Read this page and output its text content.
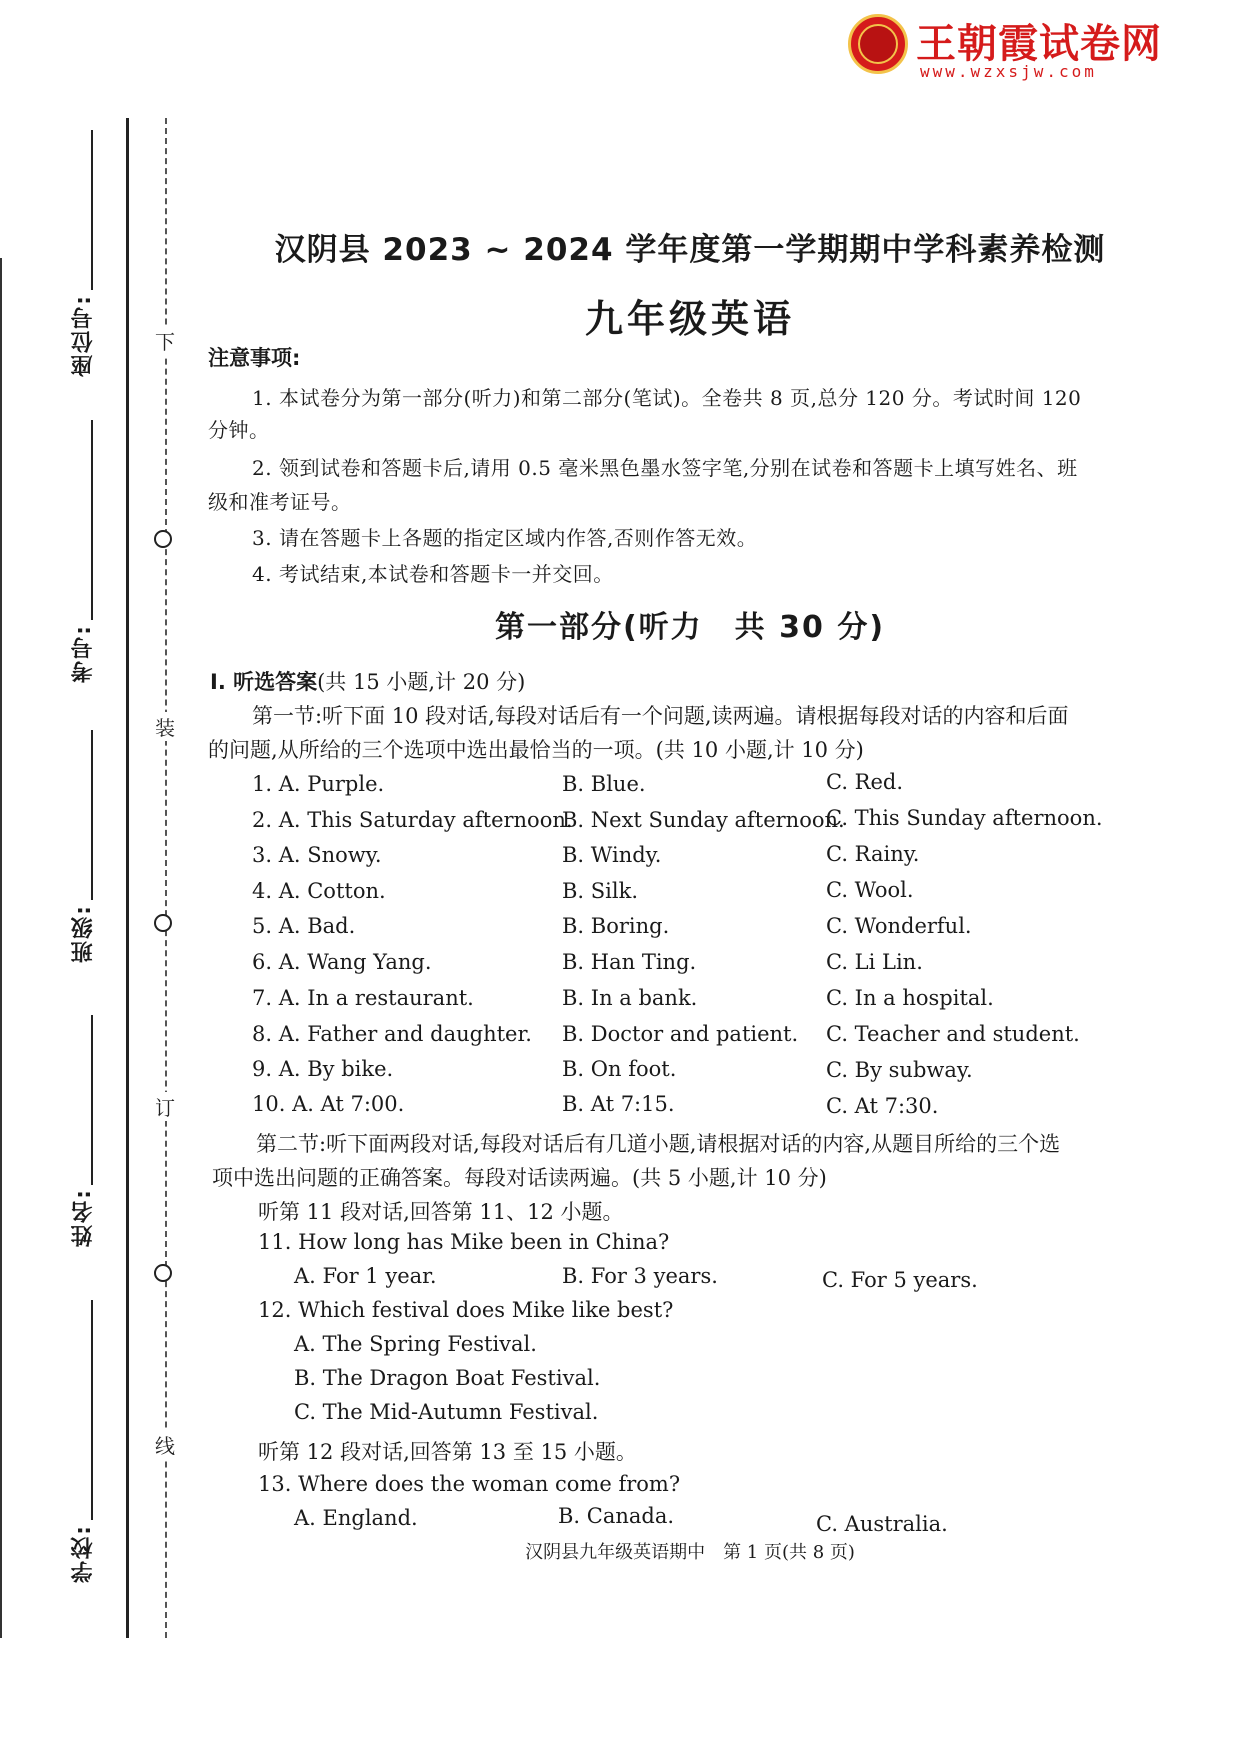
王朝霞试卷网
www.wzxsjw.com
下
装
订
线
座位号:
考号:
班级:
姓名:
学校:
汉阴县 2023 ~ 2024 学年度第一学期期中学科素养检测
九年级英语
注意事项:
1. 本试卷分为第一部分(听力)和第二部分(笔试)。全卷共 8 页,总分 120 分。考试时间 120
分钟。
2. 领到试卷和答题卡后,请用 0.5 毫米黑色墨水签字笔,分别在试卷和答题卡上填写姓名、班
级和准考证号。
3. 请在答题卡上各题的指定区域内作答,否则作答无效。
4. 考试结束,本试卷和答题卡一并交回。
第一部分(听力　共 30 分)
Ⅰ. 听选答案(共 15 小题,计 20 分)
第一节:听下面 10 段对话,每段对话后有一个问题,读两遍。请根据每段对话的内容和后面
的问题,从所给的三个选项中选出最恰当的一项。(共 10 小题,计 10 分)
1. A. Purple.	B. Blue.	C. Red.
2. A. This Saturday afternoon.
B. Next Sunday afternoon.
C. This Sunday afternoon.
3. A. Snowy.	B. Windy.	C. Rainy.
4. A. Cotton.	B. Silk.	C. Wool.
5. A. Bad.	B. Boring.	C. Wonderful.
6. A. Wang Yang.	B. Han Ting.	C. Li Lin.
7. A. In a restaurant.	B. In a bank.	C. In a hospital.
8. A. Father and daughter. B. Doctor and patient. C. Teacher and student.
9. A. By bike.	B. On foot.	C. By subway.
10. A. At 7:00.	B. At 7:15.	C. At 7:30.
第二节:听下面两段对话,每段对话后有几道小题,请根据对话的内容,从题目所给的三个选
项中选出问题的正确答案。每段对话读两遍。(共 5 小题,计 10 分)
听第 11 段对话,回答第 11、12 小题。
11. How long has Mike been in China?
A. For 1 year.	B. For 3 years.	C. For 5 years.
12. Which festival does Mike like best?
A. The Spring Festival.
B. The Dragon Boat Festival.
C. The Mid-Autumn Festival.
听第 12 段对话,回答第 13 至 15 小题。
13. Where does the woman come from?
A. England.	B. Canada.	C. Australia.
汉阴县九年级英语期中　第 1 页(共 8 页)
